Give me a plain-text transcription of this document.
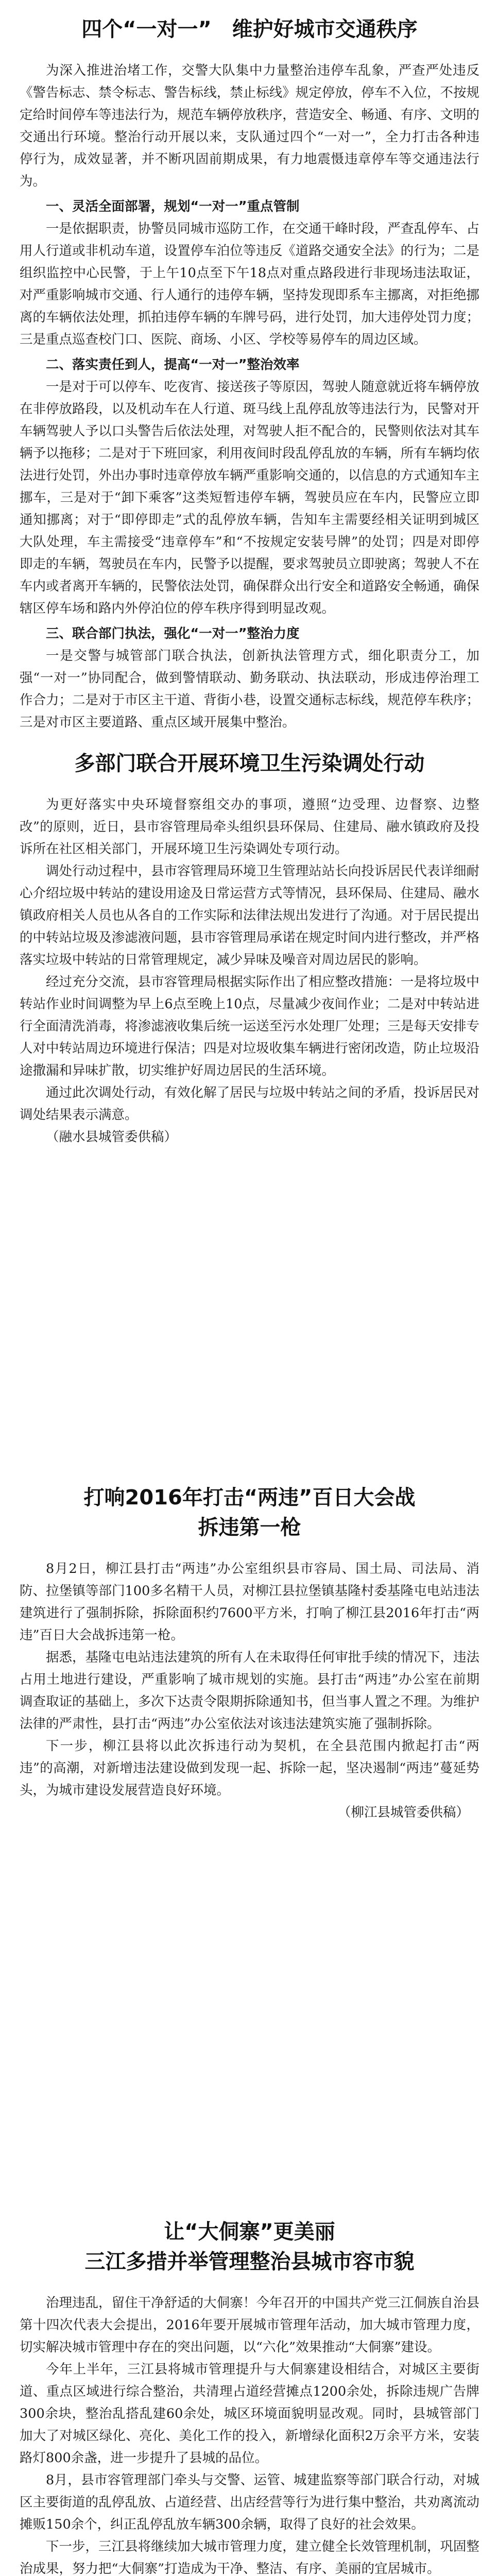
四个“一对一”　维护好城市交通秩序

为深入推进治堵工作，交警大队集中力量整治违停车乱象，严查严处违反《警告标志、禁令标志、警告标线，禁止标线》规定停放，停车不入位，不按规定给时间停车等违法行为，规范车辆停放秩序，营造安全、畅通、有序、文明的交通出行环境。整治行动开展以来，支队通过四个“一对一”，全力打击各种违停行为，成效显著，并不断巩固前期成果，有力地震慑违章停车等交通违法行为。

一、灵活全面部署，规划“一对一”重点管制

一是依据职责，协警员同城市巡防工作，在交通干峰时段，严查乱停车、占用人行道或非机动车道，设置停车泊位等违反《道路交通安全法》的行为；二是组织监控中心民警，于上午10点至下午18点对重点路段进行非现场违法取证，对严重影响城市交通、行人通行的违停车辆，坚持发现即系车主挪离，对拒绝挪离的车辆依法处理，抓拍违停车辆的车牌号码，进行处罚，加大违停处罚力度；三是重点巡查校门口、医院、商场、小区、学校等易停车的周边区域。

二、落实责任到人，提高“一对一”整治效率

一是对于可以停车、吃夜宵、接送孩子等原因，驾驶人随意就近将车辆停放在非停放路段，以及机动车在人行道、斑马线上乱停乱放等违法行为，民警对开车辆驾驶人予以口头警告后依法处理，对驾驶人拒不配合的，民警则依法对其车辆予以拖移；二是对于下班回家，利用夜间时段乱停乱放的车辆，所有车辆均依法进行处罚，外出办事时违章停放车辆严重影响交通的，以信息的方式通知车主挪车，三是对于“卸下乘客”这类短暂违停车辆，驾驶员应在车内，民警应立即通知挪离；对于“即停即走”式的乱停放车辆，告知车主需要经相关证明到城区大队处理，车主需接受“违章停车”和“不按规定安装号牌”的处罚；四是对即停即走的车辆，驾驶员在车内，民警予以提醒，要求驾驶员立即驶离；驾驶人不在车内或者离开车辆的，民警依法处罚，确保群众出行安全和道路安全畅通，确保辖区停车场和路内外停泊位的停车秩序得到明显改观。

三、联合部门执法，强化“一对一”整治力度

一是交警与城管部门联合执法，创新执法管理方式，细化职责分工，加强“一对一”协同配合，做到警情联动、勤务联动、执法联动，形成违停治理工作合力；二是对于市区主干道、背街小巷，设置交通标志标线，规范停车秩序；三是对市区主要道路、重点区域开展集中整治。

多部门联合开展环境卫生污染调处行动

为更好落实中央环境督察组交办的事项，遵照“边受理、边督察、边整改”的原则，近日，县市容管理局牵头组织县环保局、住建局、融水镇政府及投诉所在社区相关部门，开展环境卫生污染调处专项行动。

调处行动过程中，县市容管理局环境卫生管理站站长向投诉居民代表详细耐心介绍垃圾中转站的建设用途及日常运营方式等情况，县环保局、住建局、融水镇政府相关人员也从各自的工作实际和法律法规出发进行了沟通。对于居民提出的中转站垃圾及渗滤液问题，县市容管理局承诺在规定时间内进行整改，并严格落实垃圾中转站的日常管理规定，减少异味及噪音对周边居民的影响。

经过充分交流，县市容管理局根据实际作出了相应整改措施：一是将垃圾中转站作业时间调整为早上6点至晚上10点，尽量减少夜间作业；二是对中转站进行全面清洗消毒，将渗滤液收集后统一运送至污水处理厂处理；三是每天安排专人对中转站周边环境进行保洁；四是对垃圾收集车辆进行密闭改造，防止垃圾沿途撒漏和异味扩散，切实维护好周边居民的生活环境。

通过此次调处行动，有效化解了居民与垃圾中转站之间的矛盾，投诉居民对调处结果表示满意。

（融水县城管委供稿）

打响2016年打击“两违”百日大会战
拆违第一枪

8月2日，柳江县打击“两违”办公室组织县市容局、国土局、司法局、消防、拉堡镇等部门100多名精干人员，对柳江县拉堡镇基隆村委基隆屯电站违法建筑进行了强制拆除，拆除面积约7600平方米，打响了柳江县2016年打击“两违”百日大会战拆违第一枪。

据悉，基隆屯电站违法建筑的所有人在未取得任何审批手续的情况下，违法占用土地进行建设，严重影响了城市规划的实施。县打击“两违”办公室在前期调查取证的基础上，多次下达责令限期拆除通知书，但当事人置之不理。为维护法律的严肃性，县打击“两违”办公室依法对该违法建筑实施了强制拆除。

下一步，柳江县将以此次拆违行动为契机，在全县范围内掀起打击“两违”的高潮，对新增违法建设做到发现一起、拆除一起，坚决遏制“两违”蔓延势头，为城市建设发展营造良好环境。

（柳江县城管委供稿）

让“大侗寨”更美丽
三江多措并举管理整治县城市容市貌

治理违乱，留住干净舒适的大侗寨！今年召开的中国共产党三江侗族自治县第十四次代表大会提出，2016年要开展城市管理年活动，加大城市管理力度，切实解决城市管理中存在的突出问题，以“六化”效果推动“大侗寨”建设。

今年上半年，三江县将城市管理提升与大侗寨建设相结合，对城区主要街道、重点区域进行综合整治，共清理占道经营摊点1200余处，拆除违规广告牌300余块，整治乱搭乱建60余处，城区环境面貌明显改观。同时，县城管部门加大了对城区绿化、亮化、美化工作的投入，新增绿化面积2万余平方米，安装路灯800余盏，进一步提升了县城的品位。

8月，县市容管理部门牵头与交警、运管、城建监察等部门联合行动，对城区主要街道的乱停乱放、占道经营、出店经营等行为进行集中整治，共劝离流动摊贩150余个，纠正乱停乱放车辆300余辆，取得了良好的社会效果。

下一步，三江县将继续加大城市管理力度，建立健全长效管理机制，巩固整治成果，努力把“大侗寨”打造成为干净、整洁、有序、美丽的宜居城市。
